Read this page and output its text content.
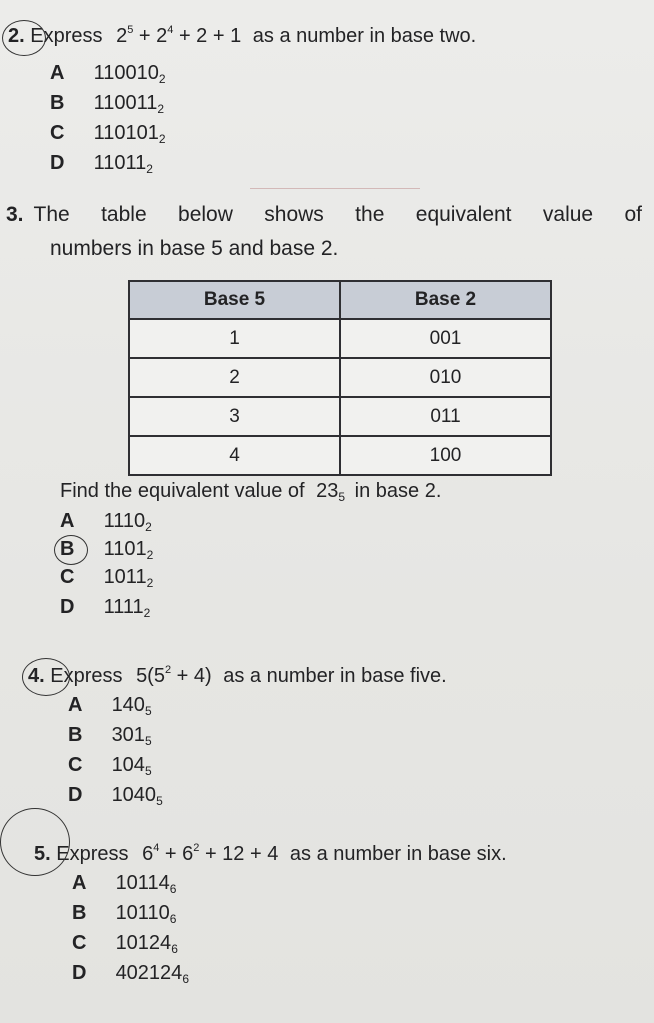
2. Express $2^5 + 2^4 + 2 + 1$ as a number in base two.
A $110010_2$
B $110011_2$
C $110101_2$
D $11011_2$
3. The table below shows the equivalent value of
numbers in base 5 and base 2.
Base 5	Base 2
1	001
2	010
3	011
4	100
Find the equivalent value of $23_5$ in base 2.
A $1110_2$
B $1101_2$
C $1011_2$
D $1111_2$
4. Express $5(5^2 + 4)$ as a number in base five.
A $140_5$
B $301_5$
C $104_5$
D $1040_5$
5. Express $6^4 + 6^2 + 12 + 4$ as a number in base six.
A $10114_6$
B $10110_6$
C $10124_6$
D $402124_6$
